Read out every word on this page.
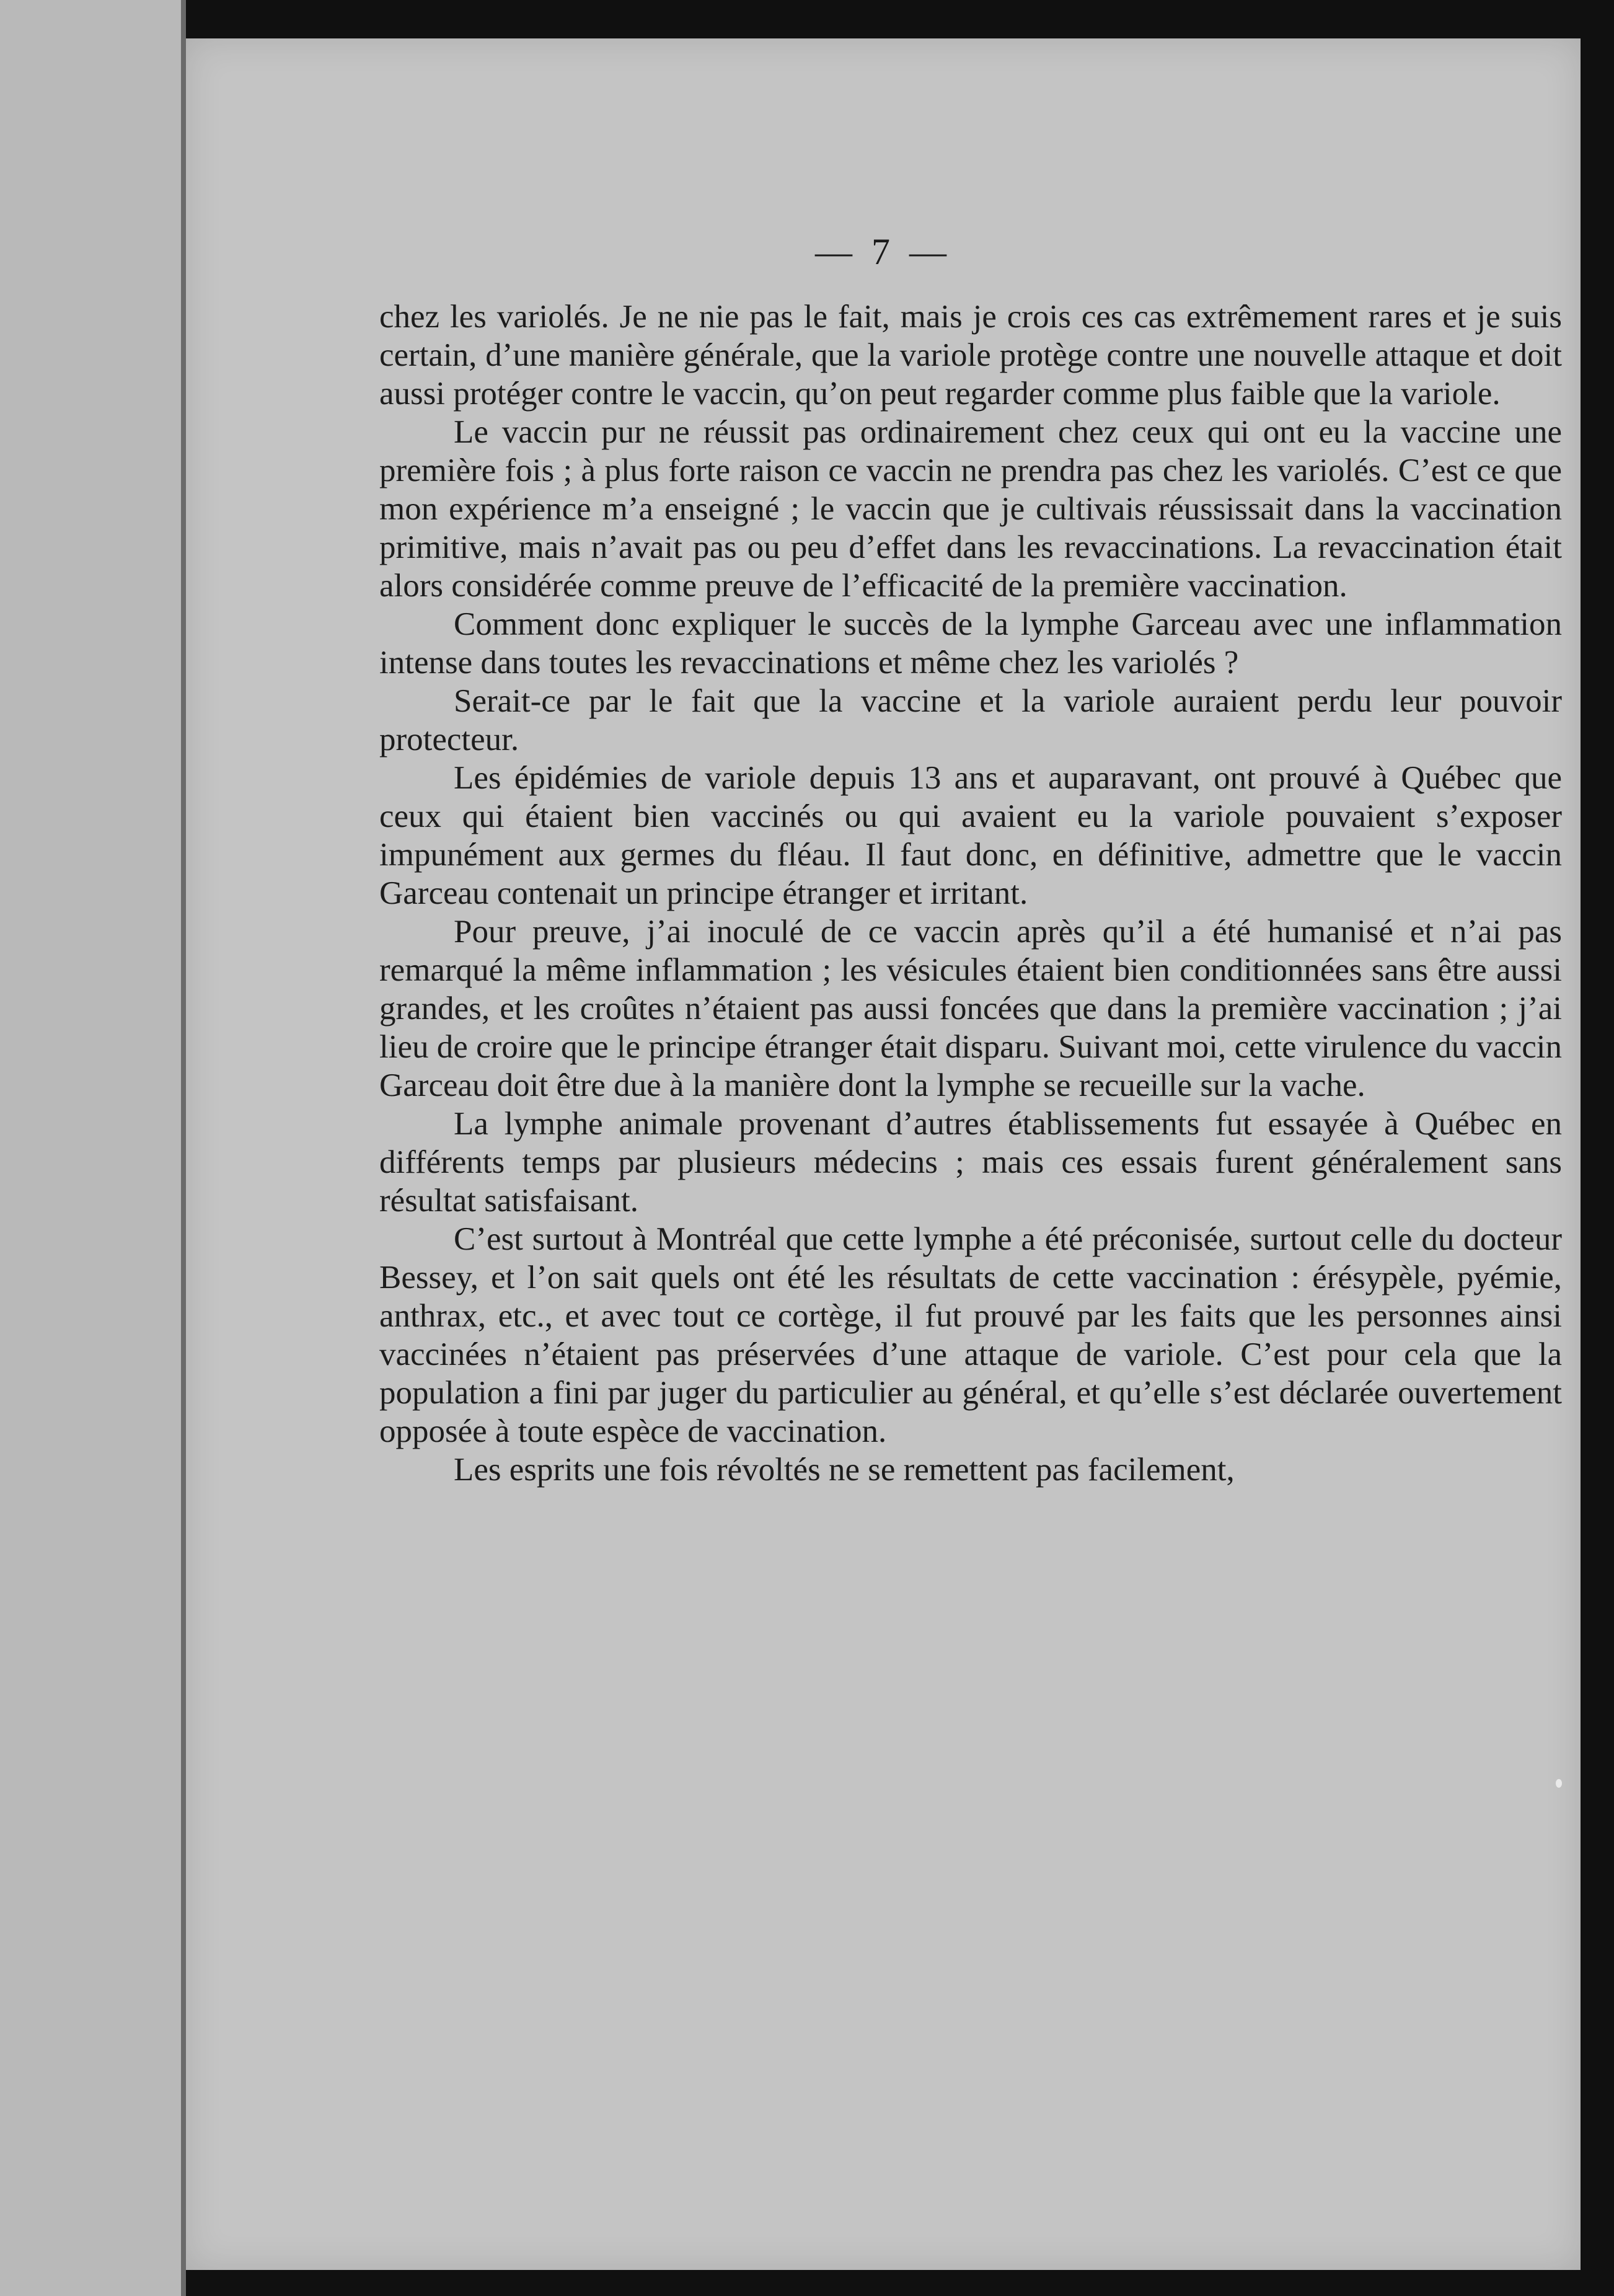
— 7 —

chez les variolés. Je ne nie pas le fait, mais je crois ces cas extrêmement rares et je suis certain, d’une manière générale, que la variole protège contre une nouvelle attaque et doit aussi protéger contre le vaccin, qu’on peut regarder comme plus faible que la variole.

Le vaccin pur ne réussit pas ordinairement chez ceux qui ont eu la vaccine une première fois ; à plus forte raison ce vaccin ne prendra pas chez les variolés. C’est ce que mon expérience m’a enseigné ; le vaccin que je cultivais réussissait dans la vaccination primitive, mais n’avait pas ou peu d’effet dans les revaccinations. La revaccination était alors considérée comme preuve de l’efficacité de la première vaccination.

Comment donc expliquer le succès de la lymphe Garceau avec une inflammation intense dans toutes les revaccinations et même chez les variolés ?

Serait-ce par le fait que la vaccine et la variole auraient perdu leur pouvoir protecteur.

Les épidémies de variole depuis 13 ans et auparavant, ont prouvé à Québec que ceux qui étaient bien vaccinés ou qui avaient eu la variole pouvaient s’exposer impunément aux germes du fléau. Il faut donc, en définitive, admettre que le vaccin Garceau contenait un principe étranger et irritant.

Pour preuve, j’ai inoculé de ce vaccin après qu’il a été humanisé et n’ai pas remarqué la même inflammation ; les vésicules étaient bien conditionnées sans être aussi grandes, et les croûtes n’étaient pas aussi foncées que dans la première vaccination ; j’ai lieu de croire que le principe étranger était disparu. Suivant moi, cette virulence du vaccin Garceau doit être due à la manière dont la lymphe se recueille sur la vache.

La lymphe animale provenant d’autres établissements fut essayée à Québec en différents temps par plusieurs médecins ; mais ces essais furent généralement sans résultat satisfaisant.

C’est surtout à Montréal que cette lymphe a été préconisée, surtout celle du docteur Bessey, et l’on sait quels ont été les résultats de cette vaccination : érésypèle, pyémie, anthrax, etc., et avec tout ce cortège, il fut prouvé par les faits que les personnes ainsi vaccinées n’étaient pas préservées d’une attaque de variole. C’est pour cela que la population a fini par juger du particulier au général, et qu’elle s’est déclarée ouvertement opposée à toute espèce de vaccination.

Les esprits une fois révoltés ne se remettent pas facilement,
